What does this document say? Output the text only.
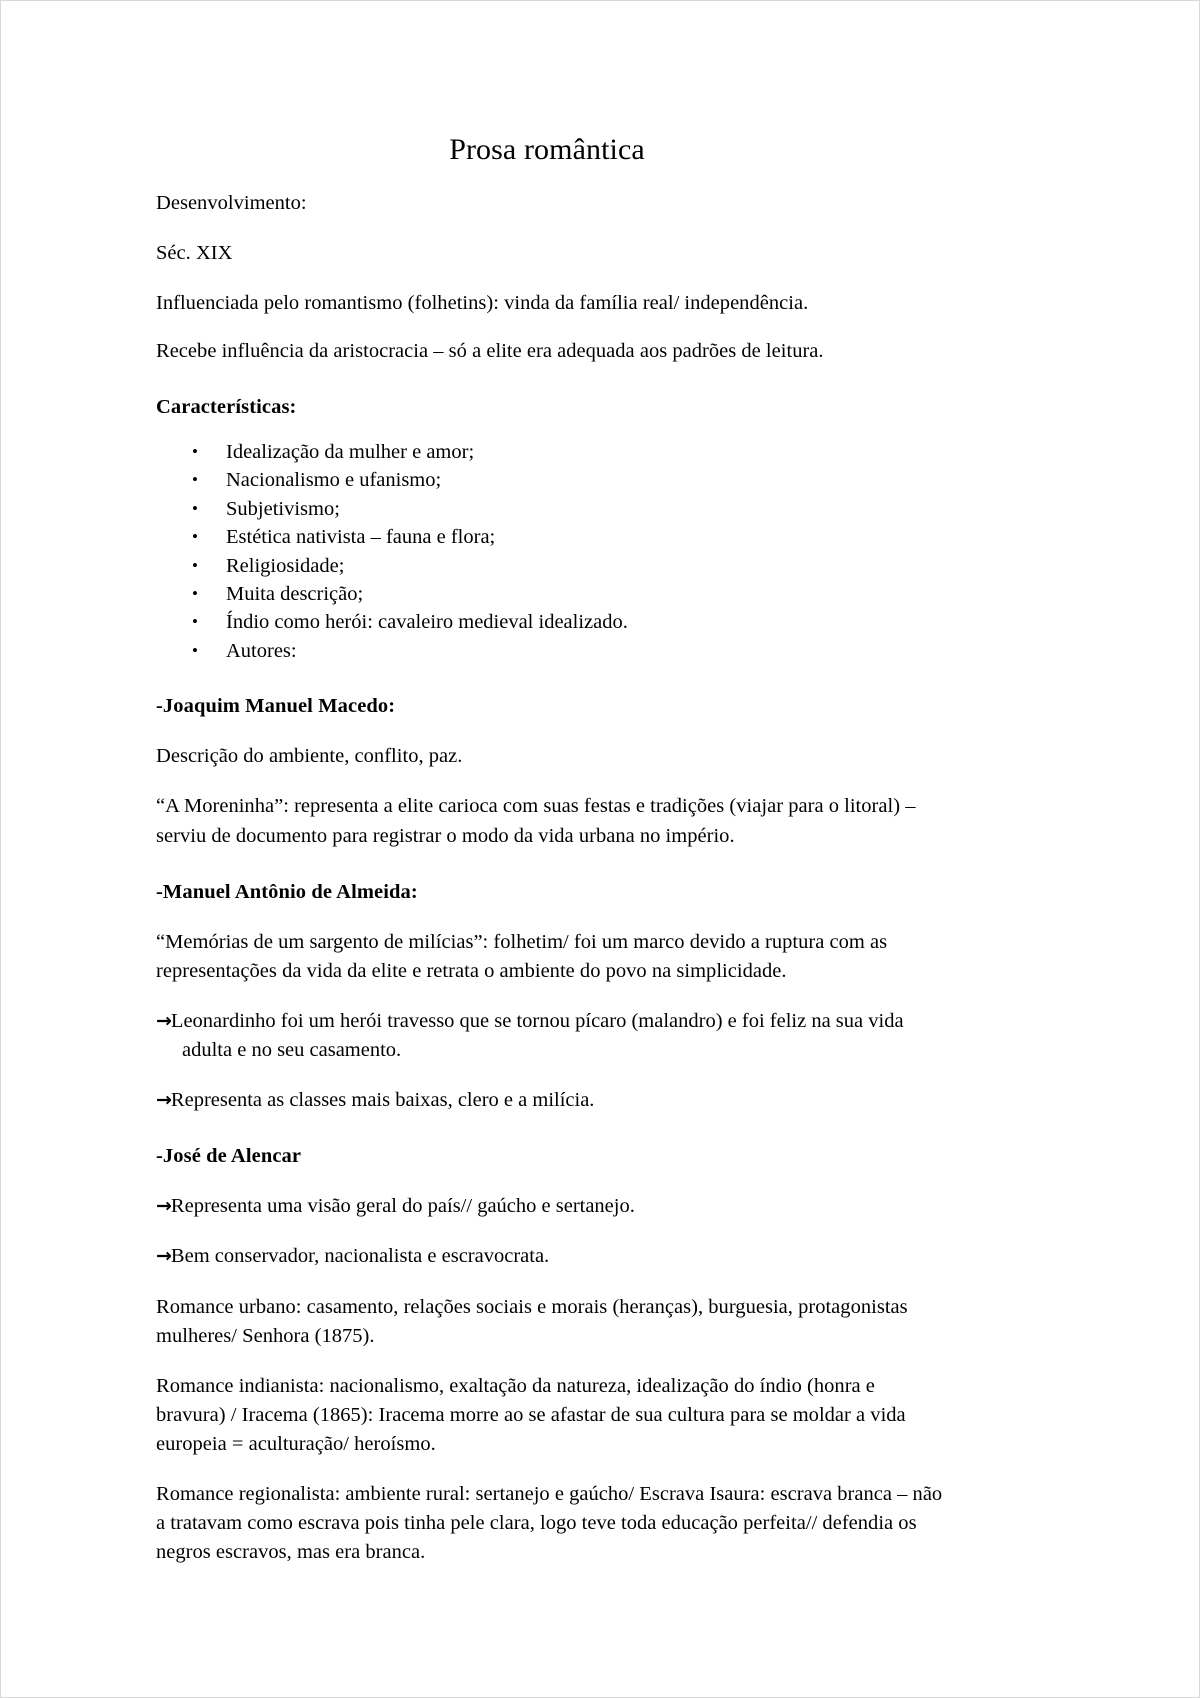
Prosa romântica

Desenvolvimento:

Séc. XIX

Influenciada pelo romantismo (folhetins): vinda da família real/ independência.

Recebe influência da aristocracia – só a elite era adequada aos padrões de leitura.

Características:

• Idealização da mulher e amor;
• Nacionalismo e ufanismo;
• Subjetivismo;
• Estética nativista – fauna e flora;
• Religiosidade;
• Muita descrição;
• Índio como herói: cavaleiro medieval idealizado.
• Autores:

-Joaquim Manuel Macedo:

Descrição do ambiente, conflito, paz.

“A Moreninha”: representa a elite carioca com suas festas e tradições (viajar para o litoral) – serviu de documento para registrar o modo da vida urbana no império.

-Manuel Antônio de Almeida:

“Memórias de um sargento de milícias”: folhetim/ foi um marco devido a ruptura com as representações da vida da elite e retrata o ambiente do povo na simplicidade.

→Leonardinho foi um herói travesso que se tornou pícaro (malandro) e foi feliz na sua vida adulta e no seu casamento.

→Representa as classes mais baixas, clero e a milícia.

-José de Alencar

→Representa uma visão geral do país// gaúcho e sertanejo.

→Bem conservador, nacionalista e escravocrata.

Romance urbano: casamento, relações sociais e morais (heranças), burguesia, protagonistas mulheres/ Senhora (1875).

Romance indianista: nacionalismo, exaltação da natureza, idealização do índio (honra e bravura) / Iracema (1865): Iracema morre ao se afastar de sua cultura para se moldar a vida europeia = aculturação/ heroísmo.

Romance regionalista: ambiente rural: sertanejo e gaúcho/ Escrava Isaura: escrava branca – não a tratavam como escrava pois tinha pele clara, logo teve toda educação perfeita// defendia os negros escravos, mas era branca.
